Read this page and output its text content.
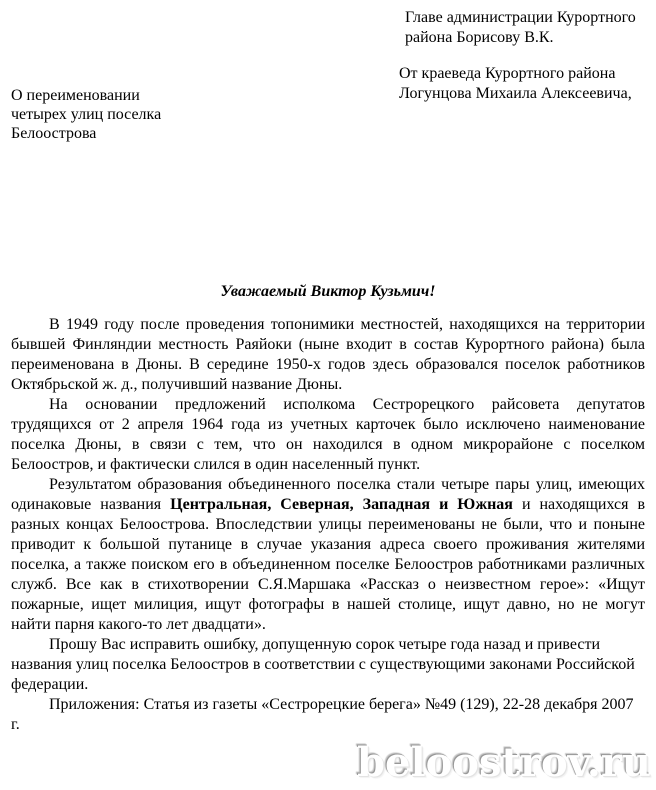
Главе администрации Курортного
района Борисову В.К.
От краеведа Курортного района
Логунцова Михаила Алексеевича,
О переименовании
четырех улиц поселка
Белоострова
Уважаемый Виктор Кузьмич!

В 1949 году после проведения топонимики местностей, находящихся на территории бывшей Финляндии местность Раяйоки (ныне входит в состав Курортного района) была переименована в Дюны. В середине 1950-х годов здесь образовался поселок работников Октябрьской ж. д., получивший название Дюны.

На основании предложений исполкома Сестрорецкого райсовета депутатов трудящихся от 2 апреля 1964 года из учетных карточек было исключено наименование поселка Дюны, в связи с тем, что он находился в одном микрорайоне с поселком Белоостров, и фактически слился в один населенный пункт.

Результатом образования объединенного поселка стали четыре пары улиц, имеющих одинаковые названия Центральная, Северная, Западная и Южная и находящихся в разных концах Белоострова. Впоследствии улицы переименованы не были, что и поныне приводит к большой путанице в случае указания адреса своего проживания жителями поселка, а также поиском его в объединенном поселке Белоостров работниками различных служб. Все как в стихотворении С.Я.Маршака «Рассказ о неизвестном герое»: «Ищут пожарные, ищет милиция, ищут фотографы в нашей столице, ищут давно, но не могут найти парня какого-то лет двадцати».

Прошу Вас исправить ошибку, допущенную сорок четыре года назад и привести названия улиц поселка Белоостров в соответствии с существующими законами Российской федерации.

Приложения: Статья из газеты «Сестрорецкие берега» №49 (129), 22-28 декабря 2007 г.

beloostrov.ru
